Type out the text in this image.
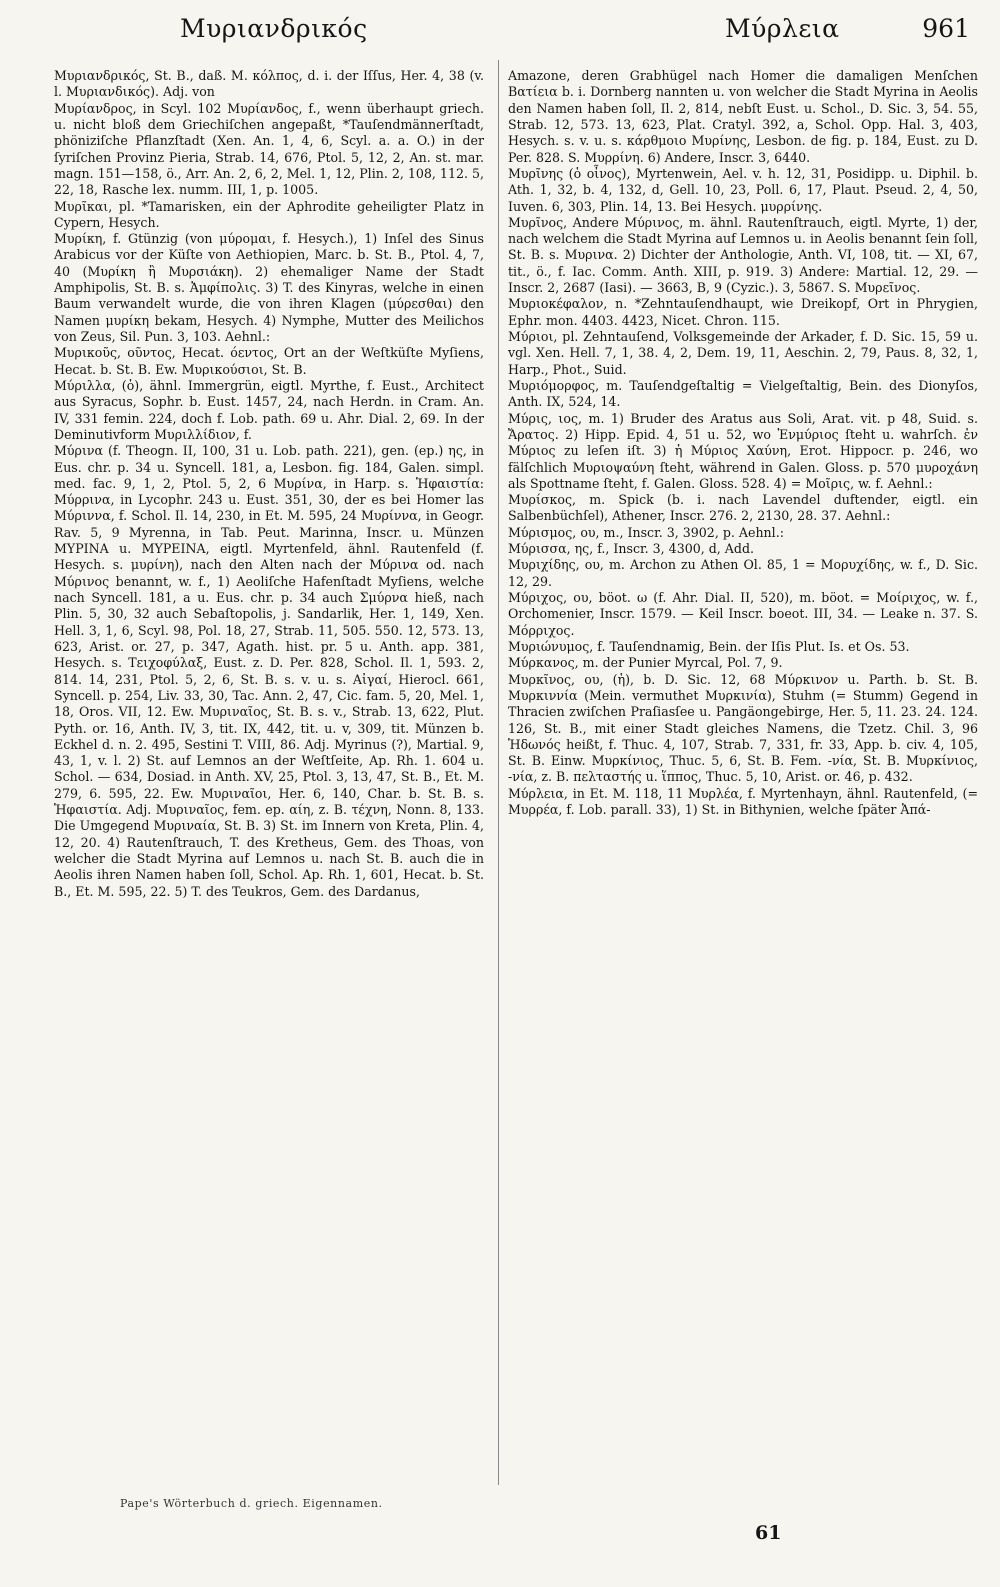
Μυριανδρικός	Μύρλεια	961

Μυριανδρικός, St. B., daß. M. κόλπος, d. i. der Iſſus, Her. 4, 38 (v. l. Μυριανδικός). Adj. von

Μυρίανδρος, in Scyl. 102 Μυρίανδος, f., wenn überhaupt griech. u. nicht bloß dem Griechiſchen angepaßt, *Tauſendmännerſtadt, phöniziſche Pflanzſtadt (Xen. An. 1, 4, 6, Scyl. a. a. O.) in der ſyriſchen Provinz Pieria, Strab. 14, 676, Ptol. 5, 12, 2, An. st. mar. magn. 151—158, ö., Arr. An. 2, 6, 2, Mel. 1, 12, Plin. 2, 108, 112. 5, 22, 18, Rasche lex. numm. III, 1, p. 1005.

Μυρῖκαι, pl. *Tamarisken, ein der Aphrodite geheiligter Platz in Cypern, Hesych.

Μυρίκη, f. Gtünzig (von μύρομαι, f. Hesych.), 1) Inſel des Sinus Arabicus vor der Küſte von Aethiopien, Marc. b. St. B., Ptol. 4, 7, 40 (Μυρίκη ἢ Μυρσιάκη). 2) ehemaliger Name der Stadt Amphipolis, St. B. s. Ἀμφίπολις. 3) T. des Kinyras, welche in einen Baum verwandelt wurde, die von ihren Klagen (μύρεσθαι) den Namen μυρίκη bekam, Hesych. 4) Nymphe, Mutter des Meilichos von Zeus, Sil. Pun. 3, 103. Aehnl.:

Μυρικοῦς, οῦντος, Hecat. όεντος, Ort an der Weſtküſte Myſiens, Hecat. b. St. B. Ew. Μυρικούσιοι, St. B.

Μύριλλα, (ὁ), ähnl. Immergrün, eigtl. Myrthe, f. Eust., Architect aus Syracus, Sophr. b. Eust. 1457, 24, nach Herdn. in Cram. An. IV, 331 femin. 224, doch f. Lob. path. 69 u. Ahr. Dial. 2, 69. In der Deminutivform Μυριλλίδιον, f.

Μύρινα (f. Theogn. II, 100, 31 u. Lob. path. 221), gen. (ep.) ης, in Eus. chr. p. 34 u. Syncell. 181, a, Lesbon. fig. 184, Galen. simpl. med. fac. 9, 1, 2, Ptol. 5, 2, 6 Μυρίνα, in Harp. s. Ἡφαιστία: Μύρρινα, in Lycophr. 243 u. Eust. 351, 30, der es bei Homer las Μύριννα, f. Schol. Il. 14, 230, in Et. M. 595, 24 Μυρίννα, in Geogr. Rav. 5, 9 Myrenna, in Tab. Peut. Marinna, Inscr. u. Münzen ΜΥΡΙΝΑ u. ΜΥΡΕΙΝΑ, eigtl. Myrtenfeld, ähnl. Rautenfeld (f. Hesych. s. μυρίνη), nach den Alten nach der Μύρινα od. nach Μύρινος benannt, w. f., 1) Aeoliſche Hafenſtadt Myſiens, welche nach Syncell. 181, a u. Eus. chr. p. 34 auch Σμύρνα hieß, nach Plin. 5, 30, 32 auch Sebaſtopolis, j. Sandarlik, Her. 1, 149, Xen. Hell. 3, 1, 6, Scyl. 98, Pol. 18, 27, Strab. 11, 505. 550. 12, 573. 13, 623, Arist. or. 27, p. 347, Agath. hist. pr. 5 u. Anth. app. 381, Hesych. s. Τειχοφύλαξ, Eust. z. D. Per. 828, Schol. Il. 1, 593. 2, 814. 14, 231, Ptol. 5, 2, 6, St. B. s. v. u. s. Αἰγαί, Hierocl. 661, Syncell. p. 254, Liv. 33, 30, Tac. Ann. 2, 47, Cic. fam. 5, 20, Mel. 1, 18, Oros. VII, 12. Ew. Μυριναῖος, St. B. s. v., Strab. 13, 622, Plut. Pyth. or. 16, Anth. IV, 3, tit. IX, 442, tit. u. v, 309, tit. Münzen b. Eckhel d. n. 2. 495, Sestini T. VIII, 86. Adj. Myrinus (?), Martial. 9, 43, 1, v. l. 2) St. auf Lemnos an der Weſtſeite, Ap. Rh. 1. 604 u. Schol. — 634, Dosiad. in Anth. XV, 25, Ptol. 3, 13, 47, St. B., Et. M. 279, 6. 595, 22. Ew. Μυριναῖοι, Her. 6, 140, Char. b. St. B. s. Ἡφαιστία. Adj. Μυριναῖος, fem. ep. αίη, z. B. τέχνη, Nonn. 8, 133. Die Umgegend Μυριναία, St. B. 3) St. im Innern von Kreta, Plin. 4, 12, 20. 4) Rautenſtrauch, T. des Kretheus, Gem. des Thoas, von welcher die Stadt Myrina auf Lemnos u. nach St. B. auch die in Aeolis ihren Namen haben ſoll, Schol. Ap. Rh. 1, 601, Hecat. b. St. B., Et. M. 595, 22. 5) T. des Teukros, Gem. des Dardanus,

Amazone, deren Grabhügel nach Homer die damaligen Menſchen Βατίεια b. i. Dornberg nannten u. von welcher die Stadt Myrina in Aeolis den Namen haben ſoll, Il. 2, 814, nebſt Eust. u. Schol., D. Sic. 3, 54. 55, Strab. 12, 573. 13, 623, Plat. Cratyl. 392, a, Schol. Opp. Hal. 3, 403, Hesych. s. v. u. s. κάρθμοιο Μυρίνης, Lesbon. de fig. p. 184, Eust. zu D. Per. 828. S. Μυρρίνη. 6) Andere, Inscr. 3, 6440.

Μυρῖνης (ὁ οἶνος), Myrtenwein, Ael. v. h. 12, 31, Posidipp. u. Diphil. b. Ath. 1, 32, b. 4, 132, d, Gell. 10, 23, Poll. 6, 17, Plaut. Pseud. 2, 4, 50, Iuven. 6, 303, Plin. 14, 13. Bei Hesych. μυρρίνης.

Μυρῖνος, Andere Μύρινος, m. ähnl. Rautenſtrauch, eigtl. Myrte, 1) der, nach welchem die Stadt Myrina auf Lemnos u. in Aeolis benannt ſein ſoll, St. B. s. Μυρινα. 2) Dichter der Anthologie, Anth. VI, 108, tit. — XI, 67, tit., ö., f. Iac. Comm. Anth. XIII, p. 919. 3) Andere: Martial. 12, 29. — Inscr. 2, 2687 (Iasi). — 3663, B, 9 (Cyzic.). 3, 5867. S. Μυρεῖνος.

Μυριοκέφαλον, n. *Zehntauſendhaupt, wie Dreikopf, Ort in Phrygien, Ephr. mon. 4403. 4423, Nicet. Chron. 115.

Μύριοι, pl. Zehntauſend, Volksgemeinde der Arkader, f. D. Sic. 15, 59 u. vgl. Xen. Hell. 7, 1, 38. 4, 2, Dem. 19, 11, Aeschin. 2, 79, Paus. 8, 32, 1, Harp., Phot., Suid.

Μυριόμορφος, m. Tauſendgeſtaltig = Vielgeſtaltig, Bein. des Dionyſos, Anth. IX, 524, 14.

Μύρις, ιος, m. 1) Bruder des Aratus aus Soli, Arat. vit. p 48, Suid. s. Ἄρατος. 2) Hipp. Epid. 4, 51 u. 52, wo Ἐνμύριος ſteht u. wahrſch. ἐν Μύριος zu leſen iſt. 3) ἡ Μύριος Χαύνη, Erot. Hippocr. p. 246, wo fälſchlich Μυριοψαύνη ſteht, während in Galen. Gloss. p. 570 μυροχάνη als Spottname ſteht, f. Galen. Gloss. 528. 4) = Μοῖρις, w. f. Aehnl.:

Μυρίσκος, m. Spick (b. i. nach Lavendel duftender, eigtl. ein Salbenbüchſel), Athener, Inscr. 276. 2, 2130, 28. 37. Aehnl.:

Μύρισμος, ου, m., Inscr. 3, 3902, p. Aehnl.:

Μύρισσα, ης, f., Inscr. 3, 4300, d, Add.

Μυριχίδης, ου, m. Archon zu Athen Ol. 85, 1 = Μορυχίδης, w. f., D. Sic. 12, 29.

Μύριχος, ου, böot. ω (f. Ahr. Dial. II, 520), m. böot. = Μοίριχος, w. f., Orchomenier, Inscr. 1579. — Keil Inscr. boeot. III, 34. — Leake n. 37. S. Μόρριχος.

Μυριώνυμος, f. Tauſendnamig, Bein. der Iſis Plut. Is. et Os. 53.

Μύρκανος, m. der Punier Myrcal, Pol. 7, 9.

Μυρκῖνος, ου, (ἡ), b. D. Sic. 12, 68 Μύρκινον u. Parth. b. St. B. Μυρκιννία (Mein. vermuthet Μυρκινία), Stuhm (= Stumm) Gegend in Thracien zwiſchen Praſiasſee u. Pangäongebirge, Her. 5, 11. 23. 24. 124. 126, St. B., mit einer Stadt gleiches Namens, die Tzetz. Chil. 3, 96 Ἠδωνός heißt, f. Thuc. 4, 107, Strab. 7, 331, fr. 33, App. b. civ. 4, 105, St. B. Einw. Μυρκίνιος, Thuc. 5, 6, St. B. Fem. -νία, St. B. Μυρκίνιος, -νία, z. B. πελταστής u. ἵππος, Thuc. 5, 10, Arist. or. 46, p. 432.

Μύρλεια, in Et. M. 118, 11 Μυρλέα, f. Myrtenhayn, ähnl. Rautenfeld, (= Μυρρέα, f. Lob. parall. 33), 1) St. in Bithynien, welche ſpäter Ἀπά-

Pape's Wörterbuch d. griech. Eigennamen.
61
